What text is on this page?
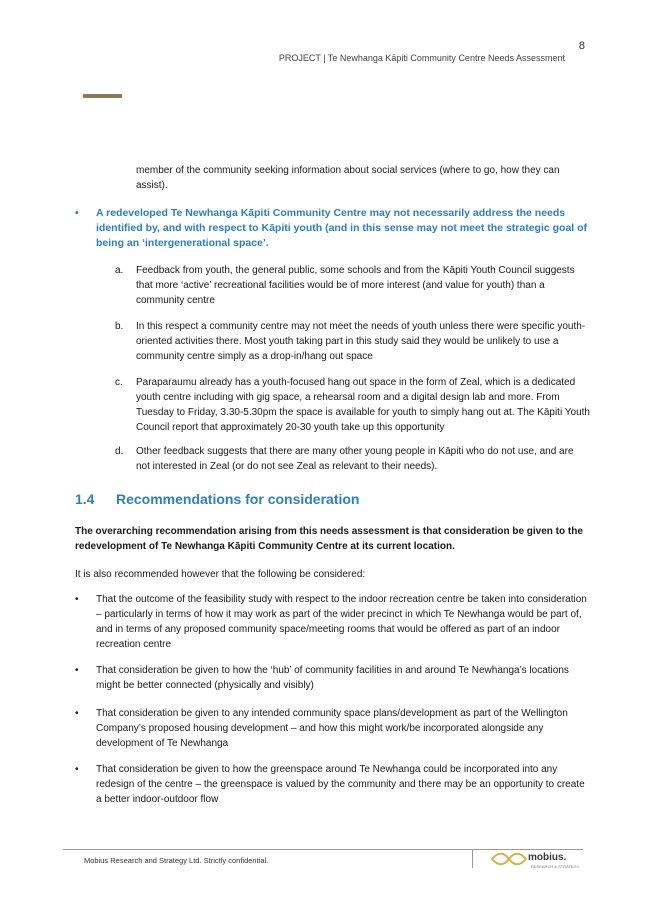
8
PROJECT | Te Newhanga Kāpiti Community Centre Needs Assessment
member of the community seeking information about social services (where to go, how they can assist).
• A redeveloped Te Newhanga Kāpiti Community Centre may not necessarily address the needs identified by, and with respect to Kāpiti youth (and in this sense may not meet the strategic goal of being an ‘intergenerational space’.
a.	Feedback from youth, the general public, some schools and from the Kāpiti Youth Council suggests that more ‘active’ recreational facilities would be of more interest (and value for youth) than a community centre
b.	In this respect a community centre may not meet the needs of youth unless there were specific youth-oriented activities there. Most youth taking part in this study said they would be unlikely to use a community centre simply as a drop-in/hang out space
c.	Paraparaumu already has a youth-focused hang out space in the form of Zeal, which is a dedicated youth centre including with gig space, a rehearsal room and a digital design lab and more. From Tuesday to Friday, 3.30-5.30pm the space is available for youth to simply hang out at. The Kāpiti Youth Council report that approximately 20-30 youth take up this opportunity
d.	Other feedback suggests that there are many other young people in Kāpiti who do not use, and are not interested in Zeal (or do not see Zeal as relevant to their needs).
1.4 Recommendations for consideration
The overarching recommendation arising from this needs assessment is that consideration be given to the redevelopment of Te Newhanga Kāpiti Community Centre at its current location.
It is also recommended however that the following be considered:
• That the outcome of the feasibility study with respect to the indoor recreation centre be taken into consideration – particularly in terms of how it may work as part of the wider precinct in which Te Newhanga would be part of, and in terms of any proposed community space/meeting rooms that would be offered as part of an indoor recreation centre
• That consideration be given to how the ‘hub’ of community facilities in and around Te Newhanga’s locations might be better connected (physically and visibly)
• That consideration be given to any intended community space plans/development as part of the Wellington Company’s proposed housing development – and how this might work/be incorporated alongside any development of Te Newhanga
• That consideration be given to how the greenspace around Te Newhanga could be incorporated into any redesign of the centre – the greenspace is valued by the community and there may be an opportunity to create a better indoor-outdoor flow
Mobius Research and Strategy Ltd. Strictly confidential.	mobius.
RESEARCH & STRATEGY
